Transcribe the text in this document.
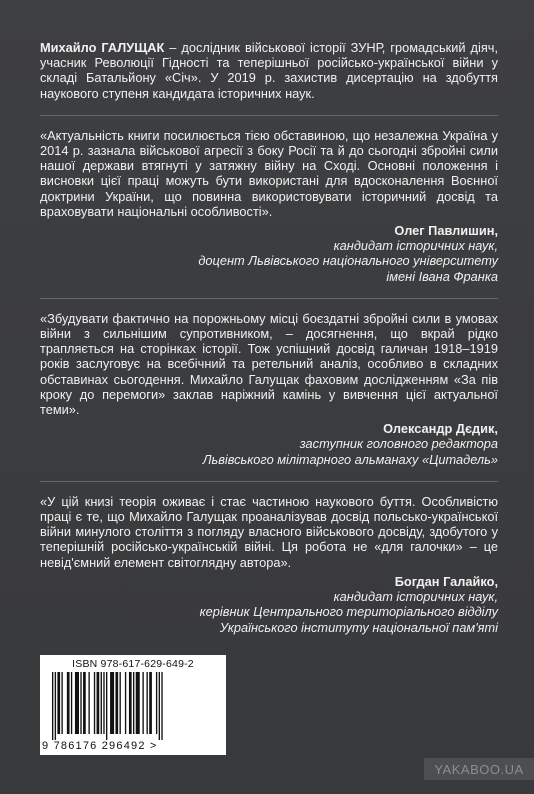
Михайло ГАЛУЩАК – дослідник військової історії ЗУНР, громадський діяч, учасник Революції Гідності та теперішньої російсько-української війни у складі Батальйону «Січ». У 2019 р. захистив дисертацію на здобуття наукового ступеня кандидата історичних наук.

«Актуальність книги посилюється тією обставиною, що незалежна Україна у 2014 р. зазнала військової агресії з боку Росії та й до сьогодні збройні сили нашої держави втягнуті у затяжну війну на Сході. Основні положення і висновки цієї праці можуть бути використані для вдосконалення Воєнної доктрини України, що повинна використовувати історичний досвід та враховувати національні особливості».

Олег Павлишин,
кандидат історичних наук,
доцент Львівського національного університету
імені Івана Франка

«Збудувати фактично на порожньому місці боєздатні збройні сили в умовах війни з сильнішим супротивником, – досягнення, що вкрай рідко трапляється на сторінках історії. Тож успішний досвід галичан 1918–1919 років заслуговує на всебічний та ретельний аналіз, особливо в складних обставинах сьогодення. Михайло Галущак фаховим дослідженням «За пів кроку до перемоги» заклав наріжний камінь у вивчення цієї актуальної теми».

Олександр Дєдик,
заступник головного редактора
Львівського мілітарного альманаху «Цитадель»

«У цій книзі теорія оживає і стає частиною наукового буття. Особливістю праці є те, що Михайло Галущак проаналізував досвід польсько-української війни минулого століття з погляду власного військового досвіду, здобутого у теперішній російсько-українській війні. Ця робота не «для галочки» – це невід'ємний елемент світоглядну автора».

Богдан Галайко,
кандидат історичних наук,
керівник Центрального територіального відділу
Українського інституту національної пам'яті
ISBN 978-617-629-649-2
9 786176 296492 >
YAKABOO.UA
